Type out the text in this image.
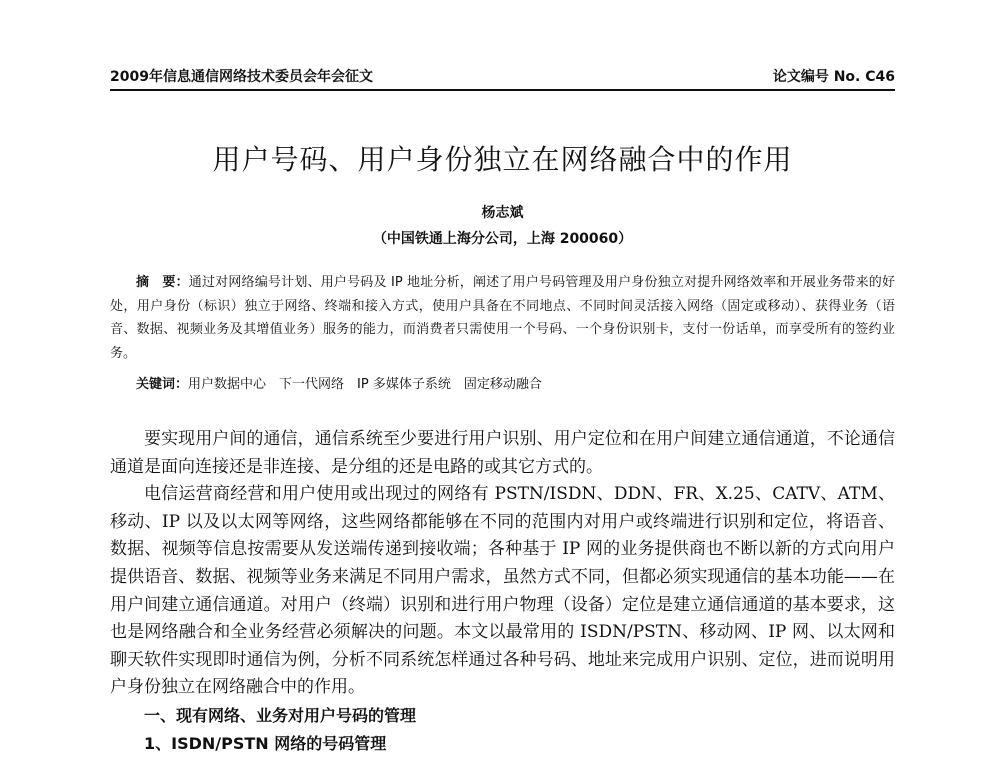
2009年信息通信网络技术委员会年会征文	论文编号 No. C46
用户号码、用户身份独立在网络融合中的作用
杨志斌
（中国铁通上海分公司，上海 200060）

摘　要：通过对网络编号计划、用户号码及 IP 地址分析，阐述了用户号码管理及用户身份独立对提升网络效率和开展业务带来的好处，用户身份（标识）独立于网络、终端和接入方式，使用户具备在不同地点、不同时间灵活接入网络（固定或移动）、获得业务（语音、数据、视频业务及其增值业务）服务的能力，而消费者只需使用一个号码、一个身份识别卡，支付一份话单，而享受所有的签约业务。

关键词：用户数据中心　下一代网络　IP 多媒体子系统　固定移动融合

要实现用户间的通信，通信系统至少要进行用户识别、用户定位和在用户间建立通信通道，不论通信通道是面向连接还是非连接、是分组的还是电路的或其它方式的。

电信运营商经营和用户使用或出现过的网络有 PSTN/ISDN、DDN、FR、X.25、CATV、ATM、移动、IP 以及以太网等网络，这些网络都能够在不同的范围内对用户或终端进行识别和定位，将语音、数据、视频等信息按需要从发送端传递到接收端；各种基于 IP 网的业务提供商也不断以新的方式向用户提供语音、数据、视频等业务来满足不同用户需求，虽然方式不同，但都必须实现通信的基本功能——在用户间建立通信通道。对用户（终端）识别和进行用户物理（设备）定位是建立通信通道的基本要求，这也是网络融合和全业务经营必须解决的问题。本文以最常用的 ISDN/PSTN、移动网、IP 网、以太网和聊天软件实现即时通信为例，分析不同系统怎样通过各种号码、地址来完成用户识别、定位，进而说明用户身份独立在网络融合中的作用。

一、现有网络、业务对用户号码的管理
1、ISDN/PSTN 网络的号码管理
